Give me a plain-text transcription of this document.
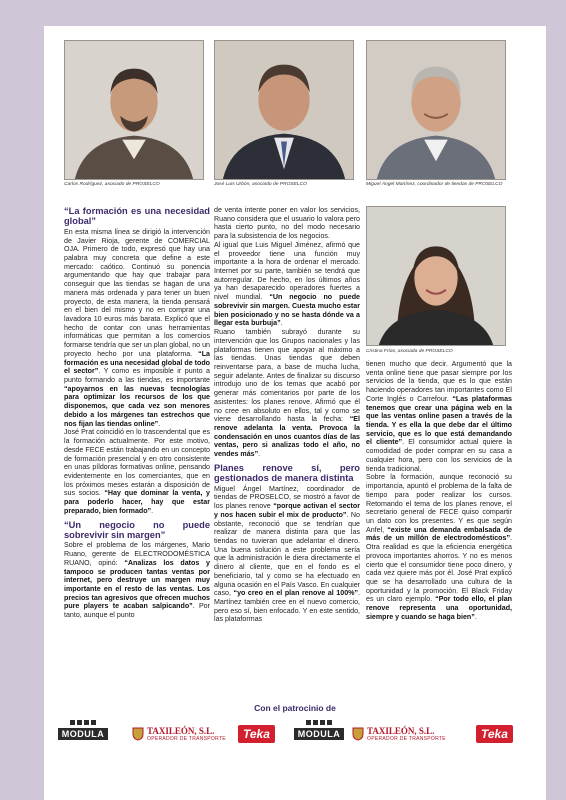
Carlos Rodríguez, asociado de PROSELCO	José Luis Urbón, asociado de PROSELCO	Miguel Ángel Martínez, coordinador de tiendas de PROSELCO
Cristina Frías, asociada de PROSELCO
“La formación es una necesidad global”

En esta misma línea se dirigió la intervención de Javier Rioja, gerente de COMERCIAL OJA. Primero de todo, expresó que hay una palabra muy concreta que define a este mercado: caótico. Continuó su ponencia argumentando que hay que trabajar para conseguir que las tiendas se hagan de una manera más ordenada y para tener un buen proyecto, de esta manera, la tienda pensará en el bien del mismo y no en comprar una lavadora 10 euros más barata. Explicó que el hecho de contar con unas herramientas informáticas que permitan a los comercios formarse tendría que ser un plan global, no un proyecto hecho por una plataforma. “La formación es una necesidad global de todo el sector”. Y como es imposible ir punto a punto formando a las tiendas, es importante “apoyarnos en las nuevas tecnologías para optimizar los recursos de los que disponemos, que cada vez son menores debido a los márgenes tan estrechos que nos fijan las tiendas online”.

José Prat coincidió en lo trascendental que es la formación actualmente. Por este motivo, desde FECE están trabajando en un concepto de formación presencial y en otro consistente en unas píldoras formativas online, pensando evidentemente en los comerciantes, que en los próximos meses estarán a disposición de sus socios. “Hay que dominar la venta, y para poderlo hacer, hay que estar preparado, bien formado”.

“Un negocio no puede sobrevivir sin margen”

Sobre el problema de los márgenes, Mario Ruano, gerente de ELECTRODOMÉSTICA RUANO, opinó: “Analizas los datos y tampoco se producen tantas ventas por internet, pero destruye un margen muy importante en el resto de las ventas. Los precios tan agresivos que ofrecen muchos pure players te acaban salpicando”. Por tanto, aunque el punto

de venta intente poner en valor los servicios, Ruano considera que el usuario lo valora pero hasta cierto punto, no del modo necesario para la subsistencia de los negocios.

Al igual que Luis Miguel Jiménez, afirmó que el proveedor tiene una función muy importante a la hora de ordenar el mercado. Internet por su parte, también se tendrá que autorregular. De hecho, en los últimos años ya han desaparecido operadores fuertes a nivel mundial. “Un negocio no puede sobrevivir sin margen. Cuesta mucho estar bien posicionado y no se hasta dónde va a llegar esta burbuja”.

Ruano también subrayó durante su intervención que los Grupos nacionales y las plataformas tienen que apoyar al máximo a las tiendas. Unas tiendas que deben reinventarse para, a base de mucha lucha, seguir adelante. Antes de finalizar su discurso introdujo uno de los temas que acabó por generar más comentarios por parte de los asistentes: los planes renove. Afirmó que él no cree en absoluto en ellos, tal y como se viene desarrollando hasta la fecha: “El renove adelanta la venta. Provoca la condensación en unos cuantos días de las ventas, pero si analizas todo el año, no vendes más”.

Planes renove sí, pero gestionados de manera distinta

Miguel Ángel Martínez, coordinador de tiendas de PROSELCO, se mostró a favor de los planes renove “porque activan el sector y nos hacen subir el mix de producto”. No obstante, reconoció que se tendrían que realizar de manera distinta para que las tiendas no tuvieran que adelantar el dinero. Una buena solución a este problema sería que la administración le diera directamente el dinero al cliente, que en el fondo es el beneficiario, tal y como se ha efectuado en alguna ocasión en el País Vasco. En cualquier caso, “yo creo en el plan renove al 100%”. Martínez también cree en el nuevo comercio, pero eso sí, bien enfocado. Y en este sentido, las plataformas

tienen mucho que decir. Argumentó que la venta online tiene que pasar siempre por los servicios de la tienda, que es lo que están haciendo operadores tan importantes como El Corte Inglés o Carrefour. “Las plataformas tenemos que crear una página web en la que las ventas online pasen a través de la tienda. Y es ella la que debe dar el último servicio, que es lo que está demandando el cliente”. El consumidor actual quiere la comodidad de poder comprar en su casa a cualquier hora, pero con los servicios de la tienda tradicional.

Sobre la formación, aunque reconoció su importancia, apuntó el problema de la falta de tiempo para poder realizar los cursos. Retomando el tema de los planes renove, el secretario general de FECE quiso compartir un dato con los presentes. Y es que según Anfel, “existe una demanda embalsada de más de un millón de electrodomésticos”. Otra realidad es que la eficiencia energética provoca importantes ahorros. Y no es menos cierto que el consumidor tiene poco dinero, y cada vez quiere más por él. José Prat explicó que se ha desarrollado una cultura de la oportunidad y la promoción. El Black Friday es un claro ejemplo. “Por todo ello, el plan renove representa una oportunidad, siempre y cuando se haga bien”.

Con el patrocinio de
MODULA	TAXILEÓN, S.L.
OPERADOR DE TRANSPORTE	Teka	MODULA	TAXILEÓN, S.L.
OPERADOR DE TRANSPORTE	Teka
